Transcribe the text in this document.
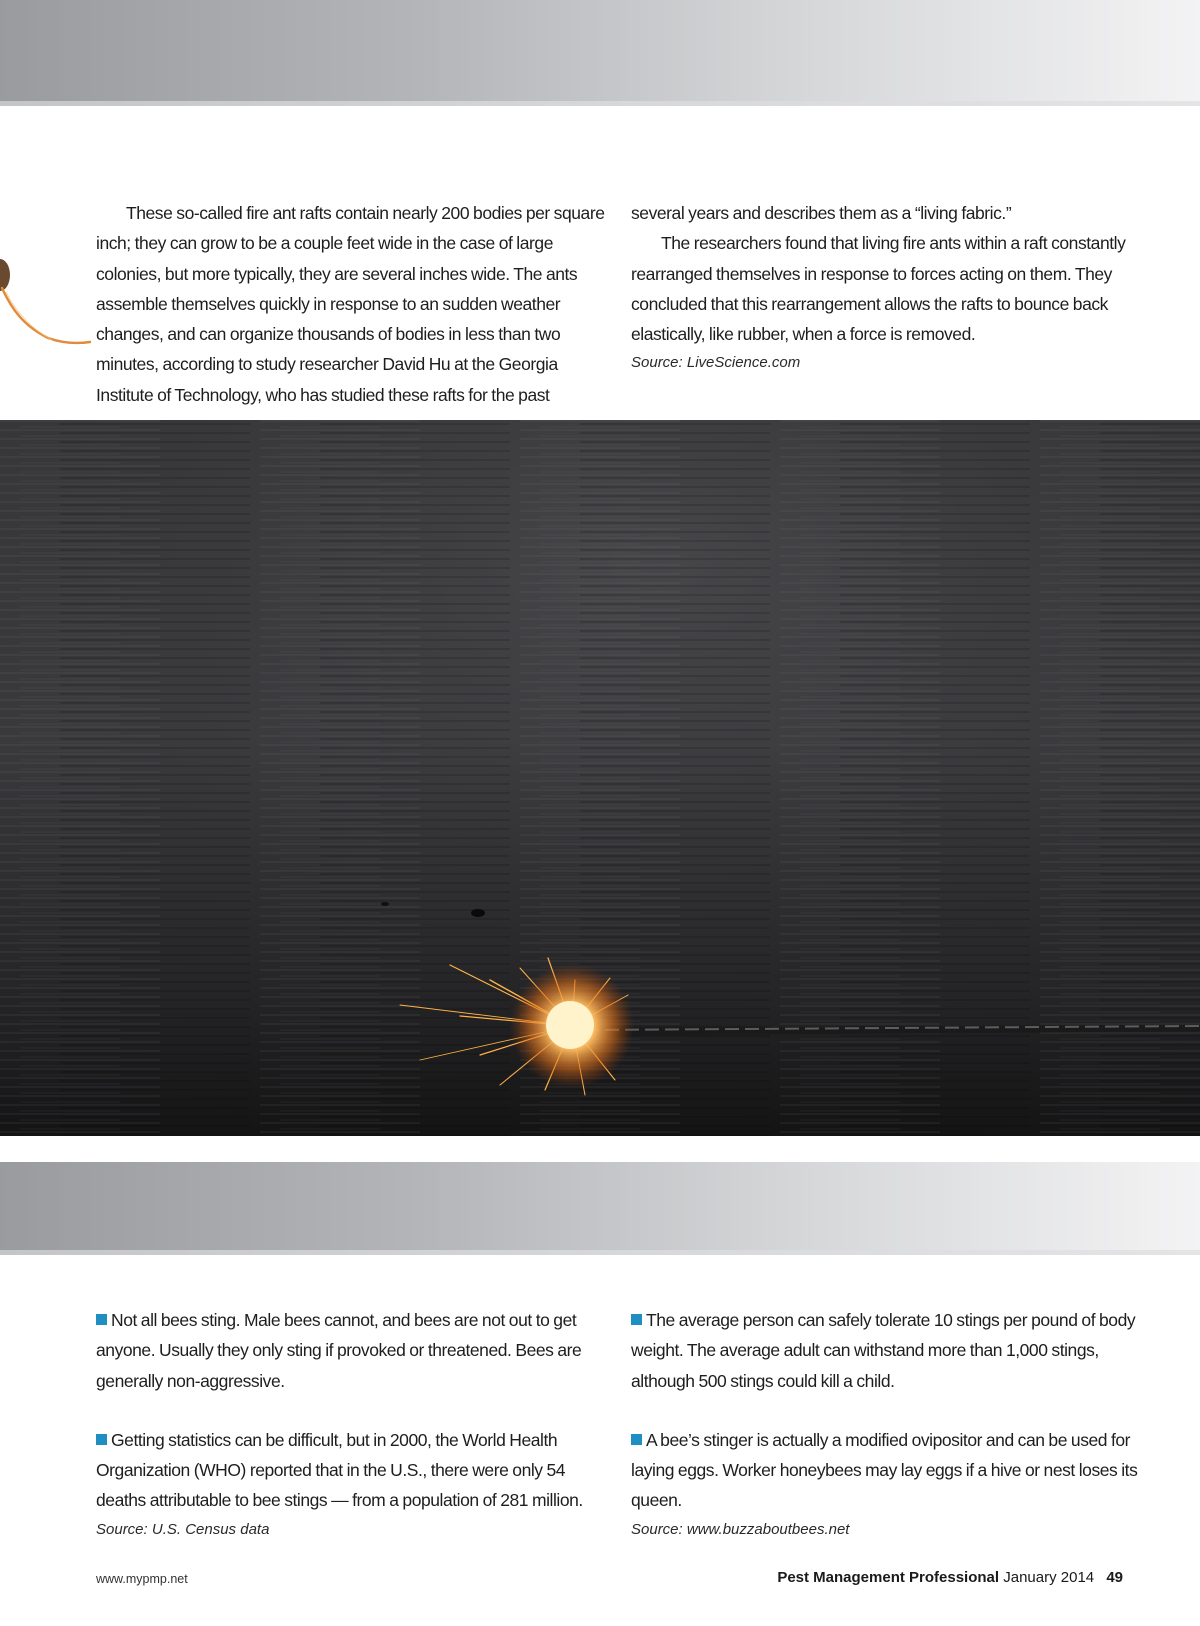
These so-called fire ant rafts contain nearly 200 bodies per square inch; they can grow to be a couple feet wide in the case of large colonies, but more typically, they are several inches wide. The ants assemble themselves quickly in response to an sudden weather changes, and can organize thousands of bodies in less than two minutes, according to study researcher David Hu at the Georgia Institute of Technology, who has studied these rafts for the past

several years and describes them as a “living fabric.”

The researchers found that living fire ants within a raft constantly rearranged themselves in response to forces acting on them. They concluded that this rearrangement allows the rafts to bounce back elastically, like rubber, when a force is removed.

Source: LiveScience.com

Not all bees sting. Male bees cannot, and bees are not out to get anyone. Usually they only sting if provoked or threatened. Bees are generally non-aggressive.

Getting statistics can be difficult, but in 2000, the World Health Organization (WHO) reported that in the U.S., there were only 54 deaths attributable to bee stings — from a population of 281 million.

Source: U.S. Census data

The average person can safely tolerate 10 stings per pound of body weight. The average adult can withstand more than 1,000 stings, although 500 stings could kill a child.

A bee’s stinger is actually a modified ovipositor and can be used for laying eggs. Worker honeybees may lay eggs if a hive or nest loses its queen.

Source: www.buzzaboutbees.net

www.mypmp.net	Pest Management Professional January 2014 49
